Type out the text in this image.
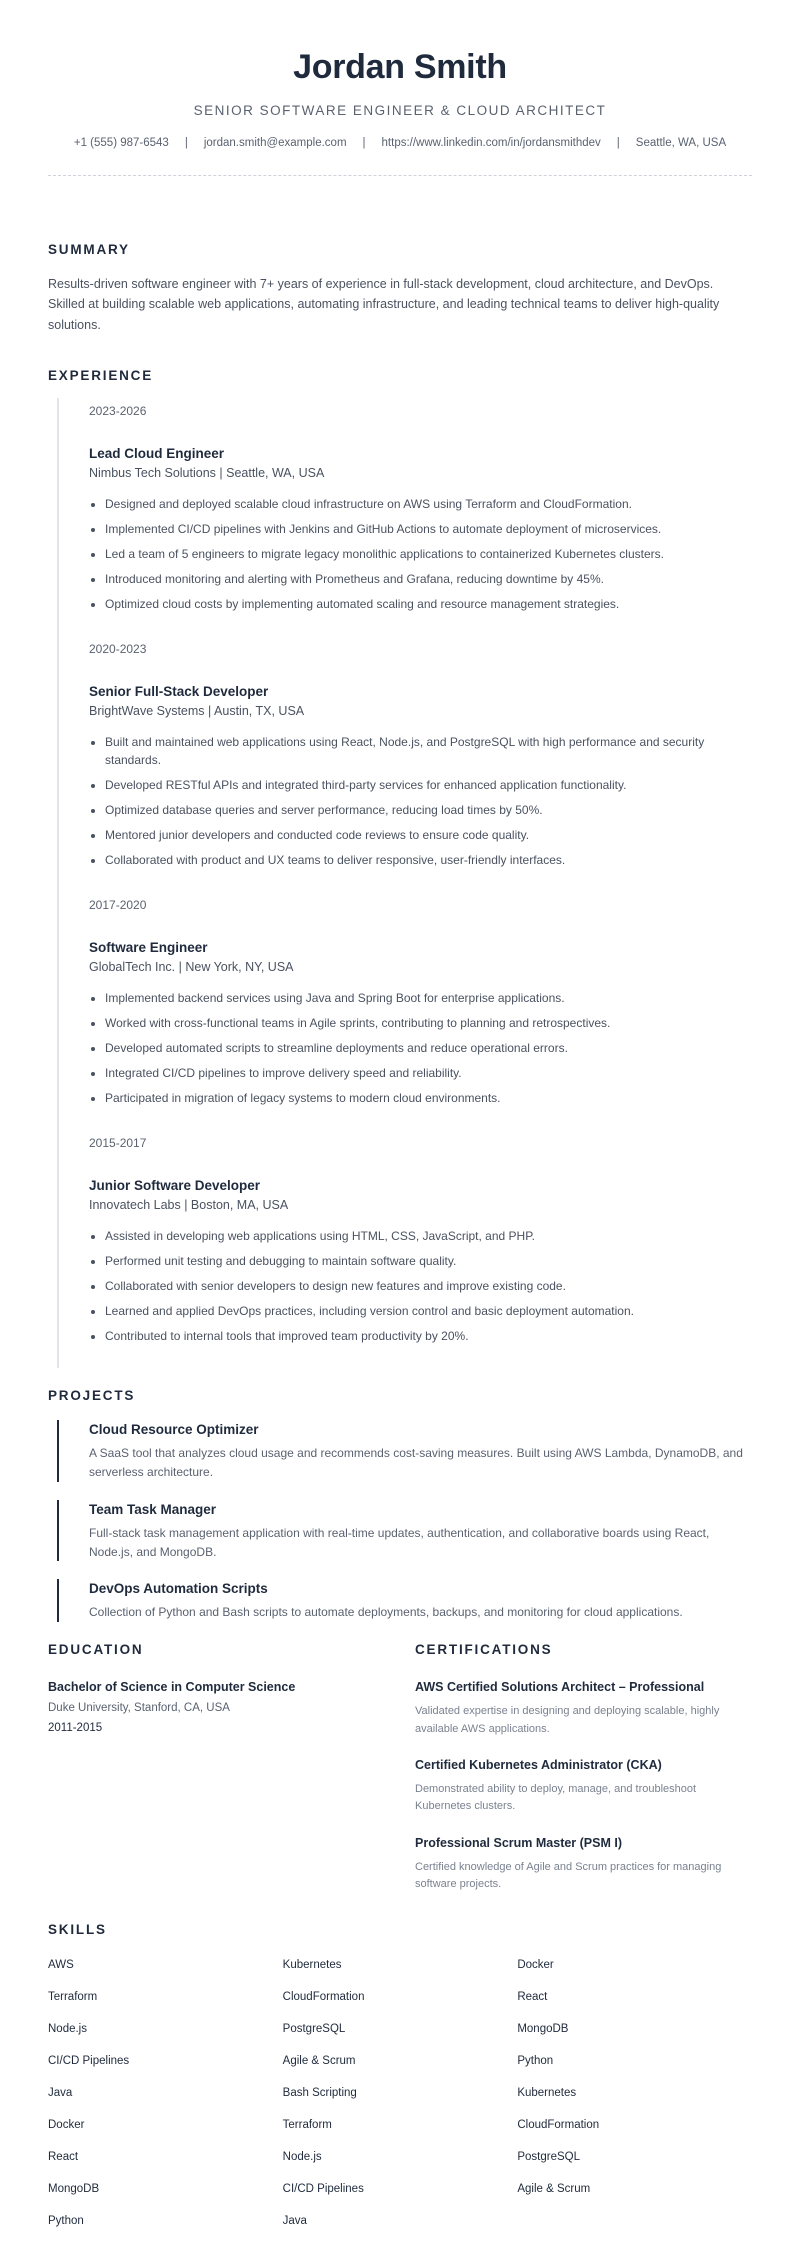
Jordan Smith
SENIOR SOFTWARE ENGINEER & CLOUD ARCHITECT
+1 (555) 987-6543 | jordan.smith@example.com | https://www.linkedin.com/in/jordansmithdev | Seattle, WA, USA
SUMMARY

Results-driven software engineer with 7+ years of experience in full-stack development, cloud architecture, and DevOps. Skilled at building scalable web applications, automating infrastructure, and leading technical teams to deliver high-quality solutions.

EXPERIENCE
2023-2026
Lead Cloud Engineer
Nimbus Tech Solutions | Seattle, WA, USA
• Designed and deployed scalable cloud infrastructure on AWS using Terraform and CloudFormation.
• Implemented CI/CD pipelines with Jenkins and GitHub Actions to automate deployment of microservices.
• Led a team of 5 engineers to migrate legacy monolithic applications to containerized Kubernetes clusters.
• Introduced monitoring and alerting with Prometheus and Grafana, reducing downtime by 45%.
• Optimized cloud costs by implementing automated scaling and resource management strategies.
2020-2023
Senior Full-Stack Developer
BrightWave Systems | Austin, TX, USA
• Built and maintained web applications using React, Node.js, and PostgreSQL with high performance and security standards.
• Developed RESTful APIs and integrated third-party services for enhanced application functionality.
• Optimized database queries and server performance, reducing load times by 50%.
• Mentored junior developers and conducted code reviews to ensure code quality.
• Collaborated with product and UX teams to deliver responsive, user-friendly interfaces.
2017-2020
Software Engineer
GlobalTech Inc. | New York, NY, USA
• Implemented backend services using Java and Spring Boot for enterprise applications.
• Worked with cross-functional teams in Agile sprints, contributing to planning and retrospectives.
• Developed automated scripts to streamline deployments and reduce operational errors.
• Integrated CI/CD pipelines to improve delivery speed and reliability.
• Participated in migration of legacy systems to modern cloud environments.
2015-2017
Junior Software Developer
Innovatech Labs | Boston, MA, USA
• Assisted in developing web applications using HTML, CSS, JavaScript, and PHP.
• Performed unit testing and debugging to maintain software quality.
• Collaborated with senior developers to design new features and improve existing code.
• Learned and applied DevOps practices, including version control and basic deployment automation.
• Contributed to internal tools that improved team productivity by 20%.
PROJECTS
Cloud Resource Optimizer
A SaaS tool that analyzes cloud usage and recommends cost-saving measures. Built using AWS Lambda, DynamoDB, and serverless architecture.
Team Task Manager
Full-stack task management application with real-time updates, authentication, and collaborative boards using React, Node.js, and MongoDB.
DevOps Automation Scripts
Collection of Python and Bash scripts to automate deployments, backups, and monitoring for cloud applications.
EDUCATION
Bachelor of Science in Computer Science
Duke University, Stanford, CA, USA
2011-2015
CERTIFICATIONS
AWS Certified Solutions Architect – Professional
Validated expertise in designing and deploying scalable, highly available AWS applications.
Certified Kubernetes Administrator (CKA)
Demonstrated ability to deploy, manage, and troubleshoot Kubernetes clusters.
Professional Scrum Master (PSM I)
Certified knowledge of Agile and Scrum practices for managing software projects.
SKILLS
AWS	Kubernetes	Docker
Terraform	CloudFormation	React
Node.js	PostgreSQL	MongoDB
CI/CD Pipelines	Agile & Scrum	Python
Java	Bash Scripting	Kubernetes
Docker	Terraform	CloudFormation
React	Node.js	PostgreSQL
MongoDB	CI/CD Pipelines	Agile & Scrum
Python	Java
